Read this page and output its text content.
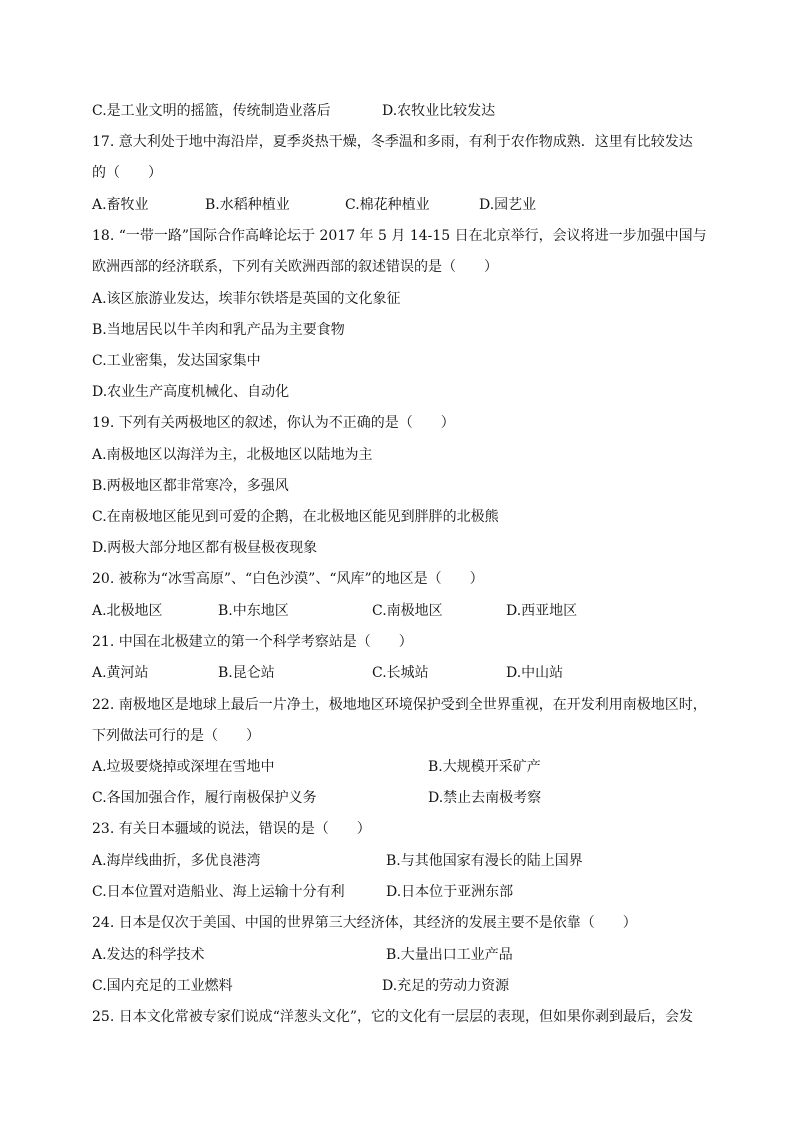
C.是工业文明的摇篮，传统制造业落后	D.农牧业比较发达
17. 意大利处于地中海沿岸，夏季炎热干燥，冬季温和多雨，有利于农作物成熟．这里有比较发达
的（　　）
A.畜牧业	B.水稻种植业	C.棉花种植业	D.园艺业
18. “一带一路”国际合作高峰论坛于 2017 年 5 月 14-15 日在北京举行，会议将进一步加强中国与
欧洲西部的经济联系，下列有关欧洲西部的叙述错误的是（　　）
A.该区旅游业发达，埃菲尔铁塔是英国的文化象征
B.当地居民以牛羊肉和乳产品为主要食物
C.工业密集，发达国家集中
D.农业生产高度机械化、自动化
19. 下列有关两极地区的叙述，你认为不正确的是（　　）
A.南极地区以海洋为主，北极地区以陆地为主
B.两极地区都非常寒冷，多强风
C.在南极地区能见到可爱的企鹅，在北极地区能见到胖胖的北极熊
D.两极大部分地区都有极昼极夜现象
20. 被称为“冰雪高原”、“白色沙漠”、“风库”的地区是（　　）
A.北极地区	B.中东地区	C.南极地区	D.西亚地区
21. 中国在北极建立的第一个科学考察站是（　　）
A.黄河站	B.昆仑站	C.长城站	D.中山站
22. 南极地区是地球上最后一片净土，极地地区环境保护受到全世界重视，在开发利用南极地区时，
下列做法可行的是（　　）
A.垃圾要烧掉或深埋在雪地中	B.大规模开采矿产
C.各国加强合作，履行南极保护义务	D.禁止去南极考察
23. 有关日本疆域的说法，错误的是（　　）
A.海岸线曲折，多优良港湾	B.与其他国家有漫长的陆上国界
C.日本位置对造船业、海上运输十分有利	D.日本位于亚洲东部
24. 日本是仅次于美国、中国的世界第三大经济体，其经济的发展主要不是依靠（　　）
A.发达的科学技术	B.大量出口工业产品
C.国内充足的工业燃料	D.充足的劳动力资源
25. 日本文化常被专家们说成“洋葱头文化”，它的文化有一层层的表现，但如果你剥到最后，会发
